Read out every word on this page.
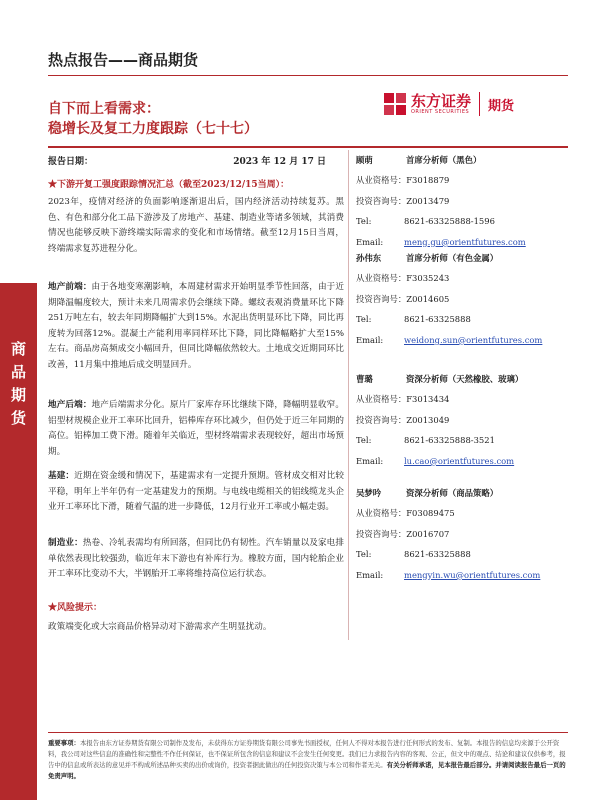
热点报告——商品期货
商
品
期
货
自下而上看需求：
稳增长及复工力度跟踪（七十七）
东方证券
ORIENT SECURITIES 期货
报告日期：	2023 年 12 月 17 日
★下游开复工强度跟踪情况汇总（截至2023/12/15当周）：
2023年，疫情对经济的负面影响逐渐退出后，国内经济活动持续复苏。黑色、有色和部分化工品下游涉及了房地产、基建、制造业等诸多领域，其消费情况也能够反映下游终端实际需求的变化和市场情绪。截至12月15日当周，终端需求复苏进程分化。
地产前端：由于各地变寒潮影响，本周建材需求开始明显季节性回落，由于近期降温幅度较大，预计未来几周需求仍会继续下降。螺纹表观消费量环比下降251万吨左右，较去年同期降幅扩大到15%。水泥出货明显环比下降，同比再度转为回落12%。混凝土产能利用率同样环比下降，同比降幅略扩大至15%左右。商品房高频成交小幅回升，但同比降幅依然较大。土地成交近期同环比改善，11月集中推地后成交明显回升。
地产后端：地产后端需求分化。原片厂家库存环比继续下降，降幅明显收窄。铝型材规模企业开工率环比回升，铝棒库存环比减少，但仍处于近三年同期的高位。铝棒加工费下滑。随着年关临近，型材终端需求表现较好，超出市场预期。
基建：近期在资金缓和情况下，基建需求有一定提升预期。管材成交相对比较平稳，明年上半年仍有一定基建发力的预期。与电线电缆相关的铝线缆龙头企业开工率环比下滑，随着气温的进一步降低，12月行业开工率或小幅走弱。
制造业：热卷、冷轧表需均有所回落，但同比仍有韧性。汽车销量以及家电排单依然表现比较强劲，临近年末下游也有补库行为。橡胶方面，国内轮胎企业开工率环比变动不大，半钢胎开工率将维持高位运行状态。
★风险提示：
政策端变化或大宗商品价格异动对下游需求产生明显扰动。
顾萌	首席分析师（黑色）
从业资格号： F3018879
投资咨询号： Z0013479
Tel:	8621-63325888-1596
Email:	meng.gu@orientfutures.com
孙伟东	首席分析师（有色金属）
从业资格号： F3035243
投资咨询号： Z0014605
Tel:	8621-63325888
Email:	weidong.sun@orientfutures.com
曹璐	资深分析师（天然橡胶、玻璃）
从业资格号： F3013434
投资咨询号： Z0013049
Tel:	8621-63325888-3521
Email:	lu.cao@orientfutures.com
吴梦吟	资深分析师（商品策略）
从业资格号： F03089475
投资咨询号： Z0016707
Tel:	8621-63325888
Email:	mengyin.wu@orientfutures.com
重要事项：本报告由东方证券期货有限公司制作及发布，未获得东方证券期货有限公司事先书面授权，任何人不得对本报告进行任何形式的发布、复制。本报告的信息均来源于公开资料，我公司对这些信息的准确性和完整性不作任何保证，也不保证所包含的信息和建议不会发生任何变更。我们已力求报告内容的客观、公正，但文中的观点、结论和建议仅供参考，报告中的信息或所表达的意见并不构成所述品种买卖的出价或询价，投资者据此做出的任何投资决策与本公司和作者无关。有关分析师承诺，见本报告最后部分。并请阅读报告最后一页的免责声明。
